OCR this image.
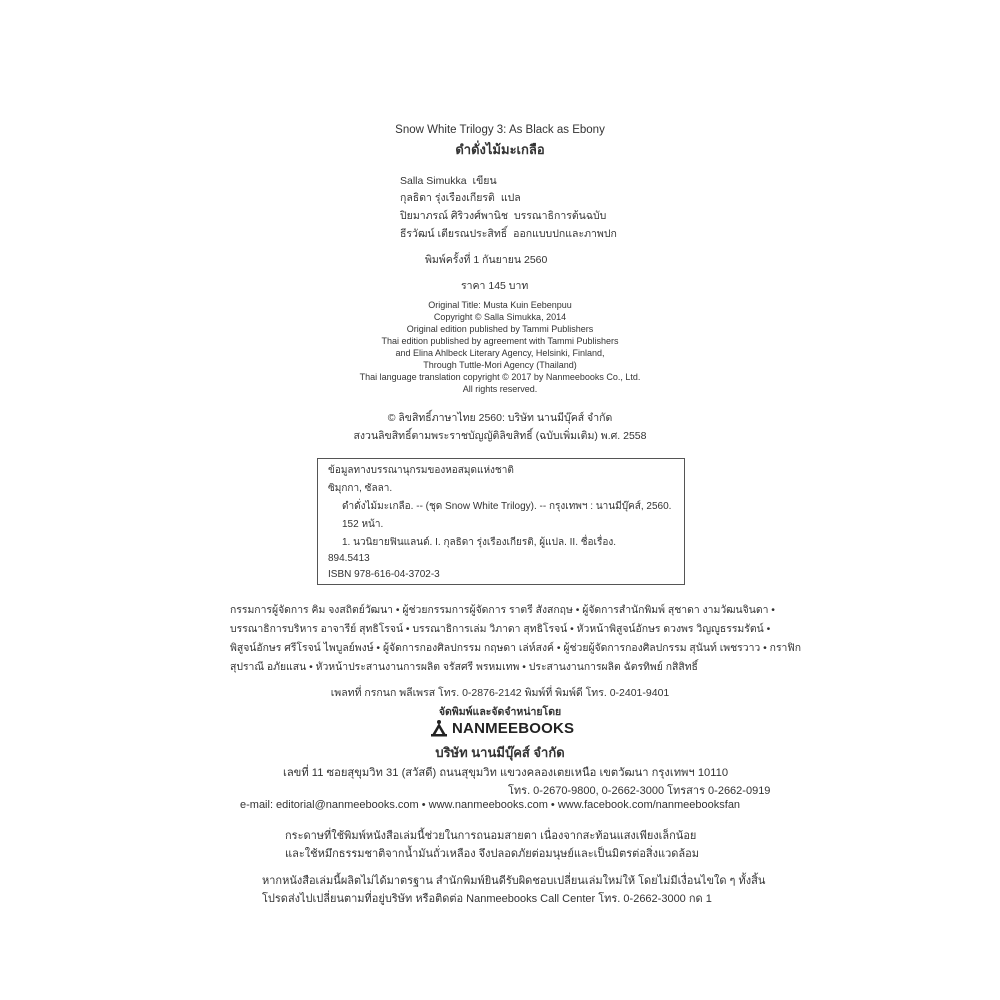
Snow White Trilogy 3: As Black as Ebony
ดำดั่งไม้มะเกลือ
Salla Simukka เขียน
กุลธิดา รุ่งเรืองเกียรติ แปล
ปิยมาภรณ์ ศิริวงศ์พานิช บรรณาธิการต้นฉบับ
ธีรวัฒน์ เตียรณประสิทธิ์ ออกแบบปกและภาพปก
พิมพ์ครั้งที่ 1 กันยายน 2560
ราคา 145 บาท
Original Title: Musta Kuin Eebenpuu
Copyright © Salla Simukka, 2014
Original edition published by Tammi Publishers
Thai edition published by agreement with Tammi Publishers
and Elina Ahlbeck Literary Agency, Helsinki, Finland,
Through Tuttle-Mori Agency (Thailand)
Thai language translation copyright © 2017 by Nanmeebooks Co., Ltd.
All rights reserved.
© ลิขสิทธิ์ภาษาไทย 2560: บริษัท นานมีบุ๊คส์ จำกัด
สงวนลิขสิทธิ์ตามพระราชบัญญัติลิขสิทธิ์ (ฉบับเพิ่มเติม) พ.ศ. 2558
ข้อมูลทางบรรณานุกรมของหอสมุดแห่งชาติ
ซิมุกกา, ซัลลา.
ดำดั่งไม้มะเกลือ. -- (ชุด Snow White Trilogy). -- กรุงเทพฯ : นานมีบุ๊คส์, 2560.
152 หน้า.
1. นวนิยายฟินแลนด์. I. กุลธิดา รุ่งเรืองเกียรติ, ผู้แปล. II. ชื่อเรื่อง.
894.5413
ISBN 978-616-04-3702-3
กรรมการผู้จัดการ คิม จงสถิตย์วัฒนา • ผู้ช่วยกรรมการผู้จัดการ ราตรี สังสกฤษ • ผู้จัดการสำนักพิมพ์ สุชาดา งามวัฒนจินดา •
บรรณาธิการบริหาร อาจารีย์ สุทธิโรจน์ • บรรณาธิการเล่ม วิภาดา สุทธิโรจน์ • หัวหน้าพิสูจน์อักษร ดวงพร วิญญูธรรมรัตน์ •
พิสูจน์อักษร ศรีโรจน์ ไพบูลย์พงษ์ • ผู้จัดการกองศิลปกรรม กฤษดา เล่ห์สงค์ • ผู้ช่วยผู้จัดการกองศิลปกรรม สุนันท์ เพชรวาว • กราฟิก
สุปราณี อภัยแสน • หัวหน้าประสานงานการผลิต จรัสศรี พรหมเทพ • ประสานงานการผลิต ฉัตรทิพย์ กสิสิทธิ์
เพลทที่ กรกนก พลีเพรส โทร. 0-2876-2142 พิมพ์ที่ พิมพ์ดี โทร. 0-2401-9401
จัดพิมพ์และจัดจำหน่ายโดย
NANMEEBOOKS
บริษัท นานมีบุ๊คส์ จำกัด
เลขที่ 11 ซอยสุขุมวิท 31 (สวัสดี) ถนนสุขุมวิท แขวงคลองเตยเหนือ เขตวัฒนา กรุงเทพฯ 10110
โทร. 0-2670-9800, 0-2662-3000 โทรสาร 0-2662-0919
e-mail: editorial@nanmeebooks.com • www.nanmeebooks.com • www.facebook.com/nanmeebooksfan
กระดาษที่ใช้พิมพ์หนังสือเล่มนี้ช่วยในการถนอมสายตา เนื่องจากสะท้อนแสงเพียงเล็กน้อย
และใช้หมึกธรรมชาติจากน้ำมันถั่วเหลือง จึงปลอดภัยต่อมนุษย์และเป็นมิตรต่อสิ่งแวดล้อม
หากหนังสือเล่มนี้ผลิตไม่ได้มาตรฐาน สำนักพิมพ์ยินดีรับผิดชอบเปลี่ยนเล่มใหม่ให้ โดยไม่มีเงื่อนไขใด ๆ ทั้งสิ้น
โปรดส่งไปเปลี่ยนตามที่อยู่บริษัท หรือติดต่อ Nanmeebooks Call Center โทร. 0-2662-3000 กด 1
